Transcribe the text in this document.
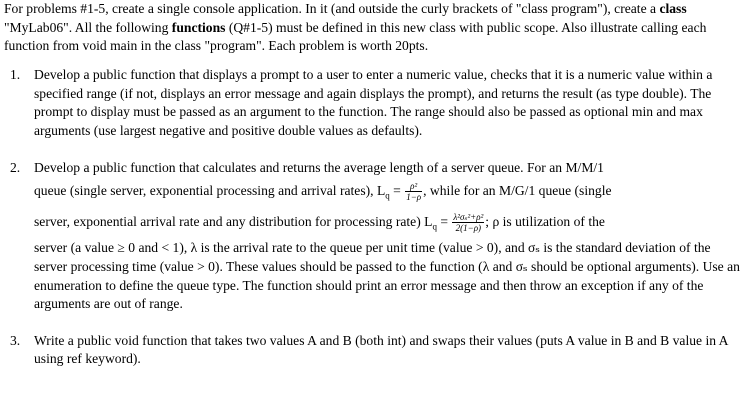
For problems #1-5, create a single console application. In it (and outside the curly brackets of "class program"), create a class "MyLab06". All the following functions (Q#1-5) must be defined in this new class with public scope. Also illustrate calling each function from void main in the class "program". Each problem is worth 20pts.

1. Develop a public function that displays a prompt to a user to enter a numeric value, checks that it is a numeric value within a specified range (if not, displays an error message and again displays the prompt), and returns the result (as type double). The prompt to display must be passed as an argument to the function. The range should also be passed as optional min and max arguments (use largest negative and positive double values as defaults).
2. Develop a public function that calculates and returns the average length of a server queue. For an M/M/1
queue (single server, exponential processing and arrival rates), $L_q = \frac{\text{ρ²}}{1-\rho}$ , while for an M/G/1 queue (single
server, exponential arrival rate and any distribution for processing rate) $L_q = \frac{\text{λ²σₛ²+ρ²}}{2(1-\rho)}$ ; ρ is utilization of the
server (a value ≥ 0 and < 1), λ is the arrival rate to the queue per unit time (value > 0), and σₛ is the standard deviation of the server processing time (value > 0). These values should be passed to the function (λ and σₛ should be optional arguments). Use an enumeration to define the queue type. The function should print an error message and then throw an exception if any of the arguments are out of range.
3. Write a public void function that takes two values A and B (both int) and swaps their values (puts A value in B and B value in A using ref keyword).
